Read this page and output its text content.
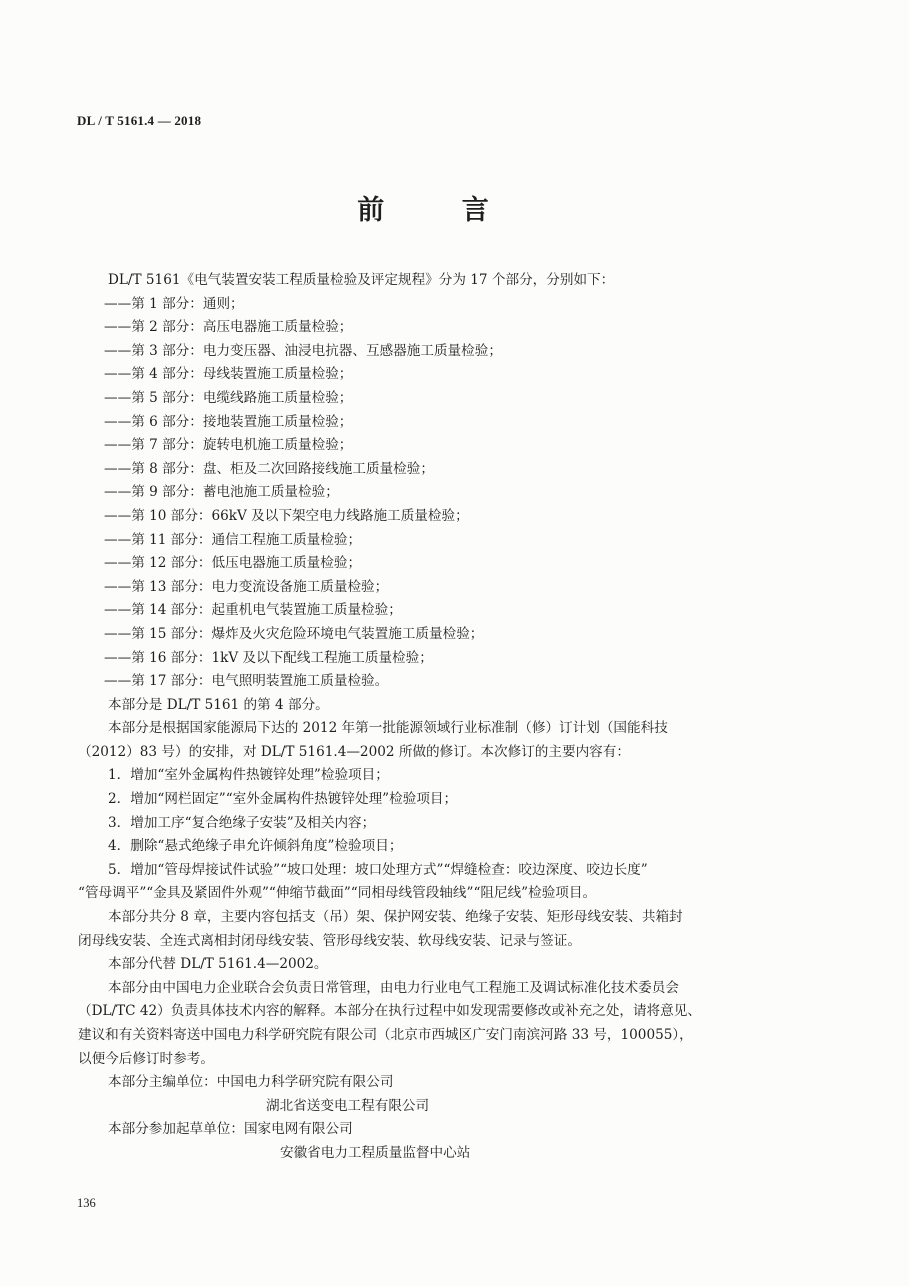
DL / T 5161.4 — 2018
前 言
DL/T 5161《电气装置安装工程质量检验及评定规程》分为 17 个部分，分别如下：
——第 1 部分：通则；
——第 2 部分：高压电器施工质量检验；
——第 3 部分：电力变压器、油浸电抗器、互感器施工质量检验；
——第 4 部分：母线装置施工质量检验；
——第 5 部分：电缆线路施工质量检验；
——第 6 部分：接地装置施工质量检验；
——第 7 部分：旋转电机施工质量检验；
——第 8 部分：盘、柜及二次回路接线施工质量检验；
——第 9 部分：蓄电池施工质量检验；
——第 10 部分：66kV 及以下架空电力线路施工质量检验；
——第 11 部分：通信工程施工质量检验；
——第 12 部分：低压电器施工质量检验；
——第 13 部分：电力变流设备施工质量检验；
——第 14 部分：起重机电气装置施工质量检验；
——第 15 部分：爆炸及火灾危险环境电气装置施工质量检验；
——第 16 部分：1kV 及以下配线工程施工质量检验；
——第 17 部分：电气照明装置施工质量检验。
本部分是 DL/T 5161 的第 4 部分。
本部分是根据国家能源局下达的 2012 年第一批能源领域行业标准制（修）订计划（国能科技
（2012）83 号）的安排，对 DL/T 5161.4—2002 所做的修订。本次修订的主要内容有：
1．增加“室外金属构件热镀锌处理”检验项目；
2．增加“网栏固定”“室外金属构件热镀锌处理”检验项目；
3．增加工序“复合绝缘子安装”及相关内容；
4．删除“悬式绝缘子串允许倾斜角度”检验项目；
5．增加“管母焊接试件试验”“坡口处理：坡口处理方式”“焊缝检查：咬边深度、咬边长度”
“管母调平”“金具及紧固件外观”“伸缩节截面”“同相母线管段轴线”“阻尼线”检验项目。
本部分共分 8 章，主要内容包括支（吊）架、保护网安装、绝缘子安装、矩形母线安装、共箱封
闭母线安装、全连式离相封闭母线安装、管形母线安装、软母线安装、记录与签证。
本部分代替 DL/T 5161.4—2002。
本部分由中国电力企业联合会负责日常管理，由电力行业电气工程施工及调试标准化技术委员会
（DL/TC 42）负责具体技术内容的解释。本部分在执行过程中如发现需要修改或补充之处，请将意见、
建议和有关资料寄送中国电力科学研究院有限公司（北京市西城区广安门南滨河路 33 号，100055），
以便今后修订时参考。
本部分主编单位：中国电力科学研究院有限公司
湖北省送变电工程有限公司
本部分参加起草单位：国家电网有限公司
安徽省电力工程质量监督中心站
136
